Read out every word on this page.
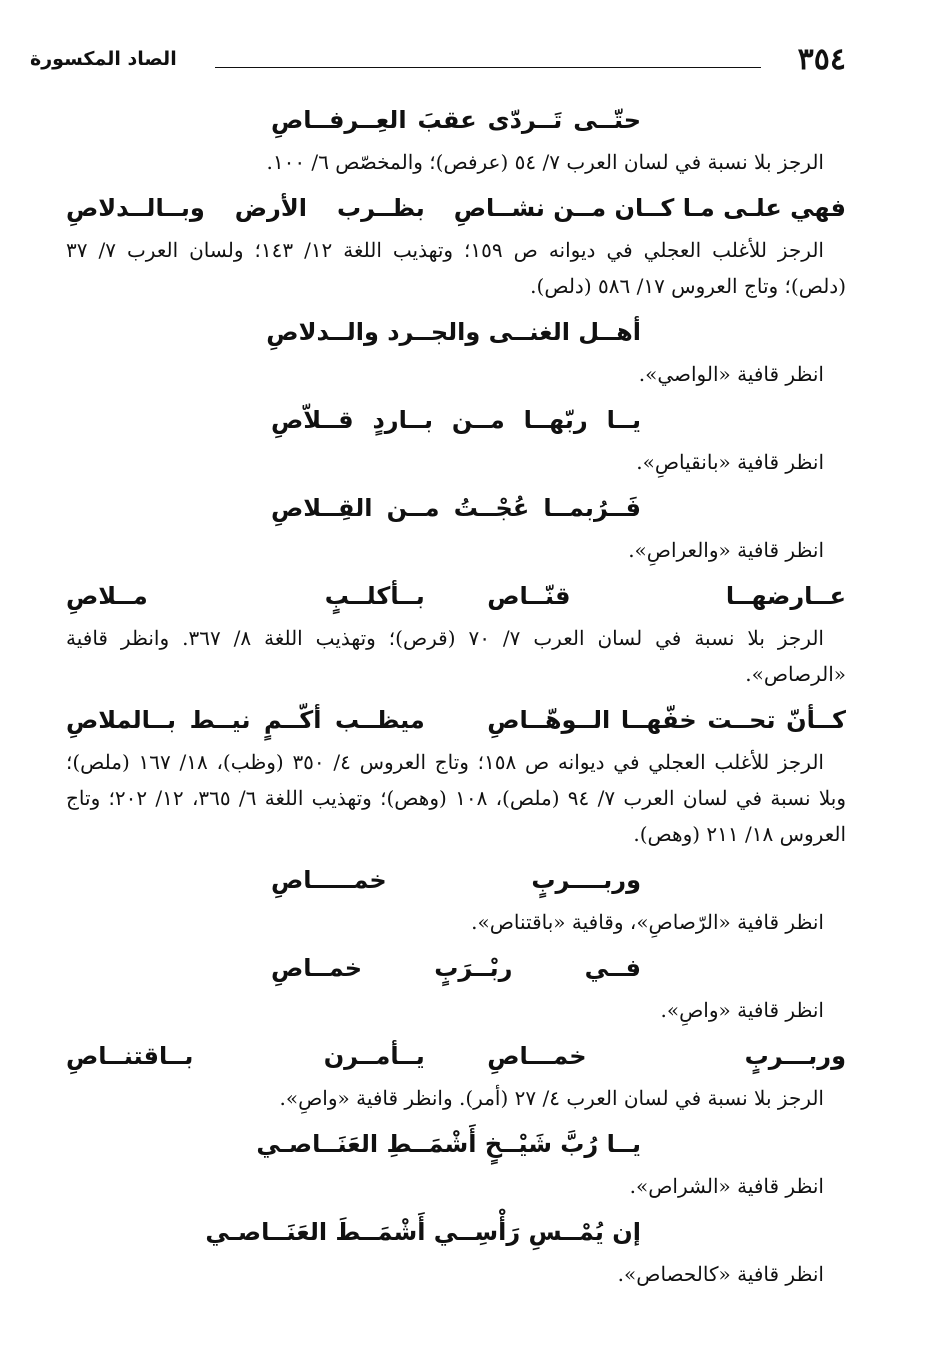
٣٥٤
الصاد المكسورة

حتّــى تَــردّى عقبَ العِــرفــاصِ

الرجز بلا نسبة في لسان العرب ٧/ ٥٤ (عرفص)؛ والمخصّص ٦/ ١٠٠.

فهي علـى مـا كــان مــن نشــاصِ
بظــرب الأرض وبــالــدلاصِ

الرجز للأغلب العجلي في ديوانه ص ١٥٩؛ وتهذيب اللغة ١٢/ ١٤٣؛ ولسان العرب ٧/ ٣٧ (دلص)؛ وتاج العروس ١٧/ ٥٨٦ (دلص).

أهــل الغنــى والجــرد والــدلاصِ

انظر قافية «الواصي».

يــا ربّهــا مــن بــاردٍ قــلاّصِ

انظر قافية «بانقياصِ».

فَــرُبمــا عُجْــتُ مــن القِــلاصِ

انظر قافية «والعراصِ».

عــارضهــا قنّــاص
بــأكلــبٍ مــلاصِ

الرجز بلا نسبة في لسان العرب ٧/ ٧٠ (قرص)؛ وتهذيب اللغة ٨/ ٣٦٧. وانظر قافية «الرصاص».

كــأنّ تحــت خفّهــا الــوهّــاصِ
ميظــب أكّــمٍ نيــط بــالملاصِ

الرجز للأغلب العجلي في ديوانه ص ١٥٨؛ وتاج العروس ٤/ ٣٥٠ (وظب)، ١٨/ ١٦٧ (ملص)؛ وبلا نسبة في لسان العرب ٧/ ٩٤ (ملص)، ١٠٨ (وهص)؛ وتهذيب اللغة ٦/ ٣٦٥، ١٢/ ٢٠٢؛ وتاج العروس ١٨/ ٢١١ (وهص).

وربــــربٍ خمـــــاصِ

انظر قافية «الرّصاصِ»، وقافية «باقتناص».

فــي ربْــرَبٍ خمــاصِ

انظر قافية «واصِ».

وربـــربٍ خمـــاصِ
يــأمــرن بــاقتنــاصِ

الرجز بلا نسبة في لسان العرب ٤/ ٢٧ (أمر). وانظر قافية «واصِ».

يــا رُبَّ شَيْــخٍ أَشْمَــطِ العَنَــاصـي

انظر قافية «الشراص».

إن يُمْــسِ رَأْسِــي أَشْمَــطَ العَنَــاصـي

انظر قافية «كالحصاص».
